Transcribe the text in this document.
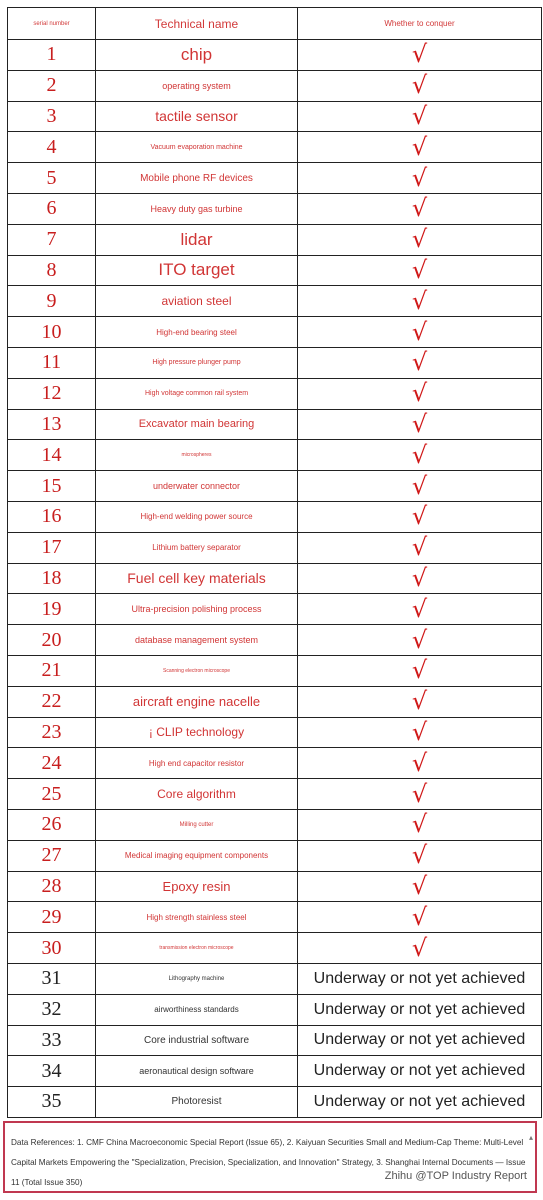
serial number	Technical name	Whether to conquer
1	chip	√
2	operating system	√
3	tactile sensor	√
4	Vacuum evaporation machine	√
5	Mobile phone RF devices	√
6	Heavy duty gas turbine	√
7	lidar	√
8	ITO target	√
9	aviation steel	√
10	High-end bearing steel	√
11	High pressure plunger pump	√
12	High voltage common rail system	√
13	Excavator main bearing	√
14	microspheres	√
15	underwater connector	√
16	High-end welding power source	√
17	Lithium battery separator	√
18	Fuel cell key materials	√
19	Ultra-precision polishing process	√
20	database management system	√
21	Scanning electron microscope	√
22	aircraft engine nacelle	√
23	¡ CLIP technology	√
24	High end capacitor resistor	√
25	Core algorithm	√
26	Milling cutter	√
27	Medical imaging equipment components	√
28	Epoxy resin	√
29	High strength stainless steel	√
30	transmission electron microscope	√
31	Lithography machine	Underway or not yet achieved
32	airworthiness standards	Underway or not yet achieved
33	Core industrial software	Underway or not yet achieved
34	aeronautical design software	Underway or not yet achieved
35	Photoresist	Underway or not yet achieved
Data References: 1. CMF China Macroeconomic Special Report (Issue 65), 2. Kaiyuan Securities Small and Medium-Cap Theme: Multi-Level Capital Markets Empowering the "Specialization, Precision, Specialization, and Innovation" Strategy, 3. Shanghai Internal Documents — Issue 11 (Total Issue 350)
Zhihu @TOP Industry Report
▴
